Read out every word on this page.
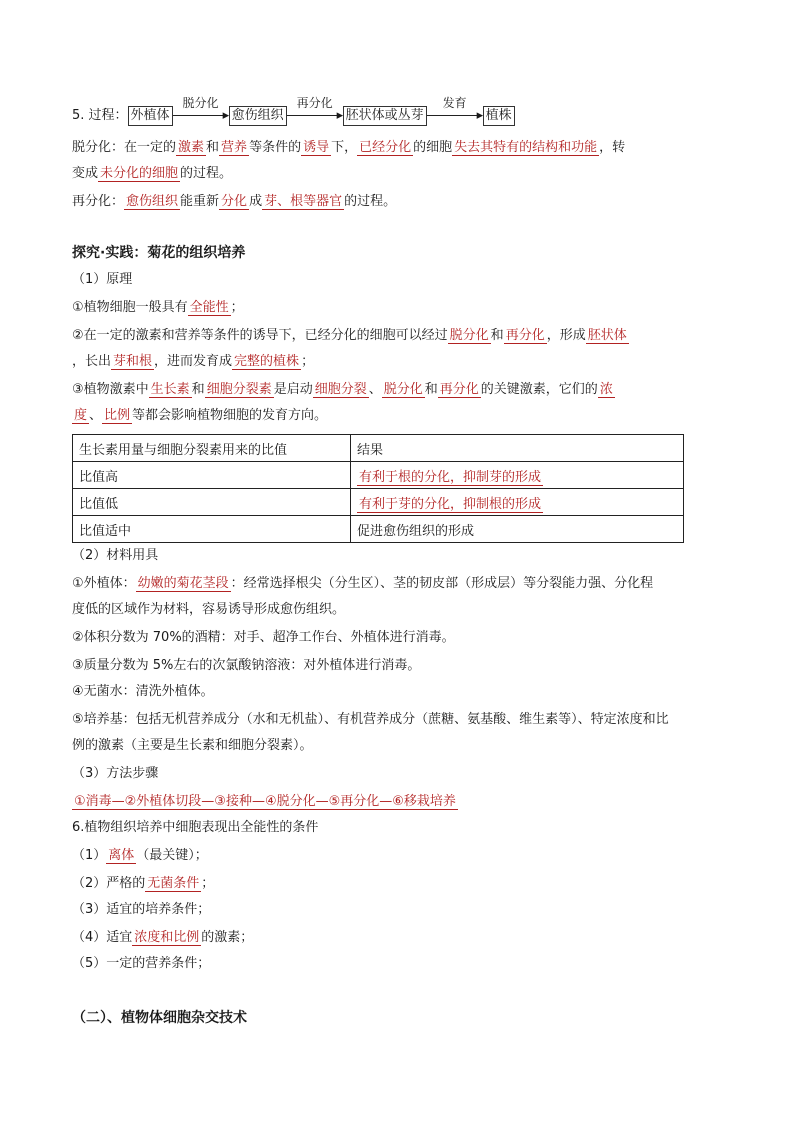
5. 过程： 外植体
脱分化
▸ 愈伤组织
再分化
▸ 胚状体或丛芽
发育
▸ 植株
脱分化：在一定的 激素 和 营养 等条件的 诱导 下， 已经分化 的细胞 失去其特有的结构和功能 ，转
变成 未分化的细胞 的过程。
再分化： 愈伤组织 能重新 分化 成 芽、根等器官 的过程。
探究·实践：菊花的组织培养
（1）原理
①植物细胞一般具有 全能性 ；
②在一定的激素和营养等条件的诱导下，已经分化的细胞可以经过 脱分化 和 再分化 ，形成 胚状体
，长出 芽和根 ，进而发育成 完整的植株 ；
③植物激素中 生长素 和 细胞分裂素 是启动 细胞分裂 、 脱分化 和 再分化 的关键激素，它们的 浓
度 、 比例 等都会影响植物细胞的发育方向。
生长素用量与细胞分裂素用来的比值	结果
比值高	有利于根的分化，抑制芽的形成
比值低	有利于芽的分化，抑制根的形成
比值适中	促进愈伤组织的形成
（2）材料用具
①外植体： 幼嫩的菊花茎段 ：经常选择根尖（分生区）、茎的韧皮部（形成层）等分裂能力强、分化程
度低的区域作为材料，容易诱导形成愈伤组织。
②体积分数为 70%的酒精：对手、超净工作台、外植体进行消毒。
③质量分数为 5%左右的次氯酸钠溶液：对外植体进行消毒。
④无菌水：清洗外植体。
⑤培养基：包括无机营养成分（水和无机盐）、有机营养成分（蔗糖、氨基酸、维生素等）、特定浓度和比
例的激素（主要是生长素和细胞分裂素）。
（3）方法步骤
①消毒—②外植体切段—③接种—④脱分化—⑤再分化—⑥移栽培养
6.植物组织培养中细胞表现出全能性的条件
（1） 离体 （最关键）；
（2）严格的 无菌条件 ；
（3）适宜的培养条件；
（4）适宜 浓度和比例 的激素；
（5）一定的营养条件；
（二）、植物体细胞杂交技术
